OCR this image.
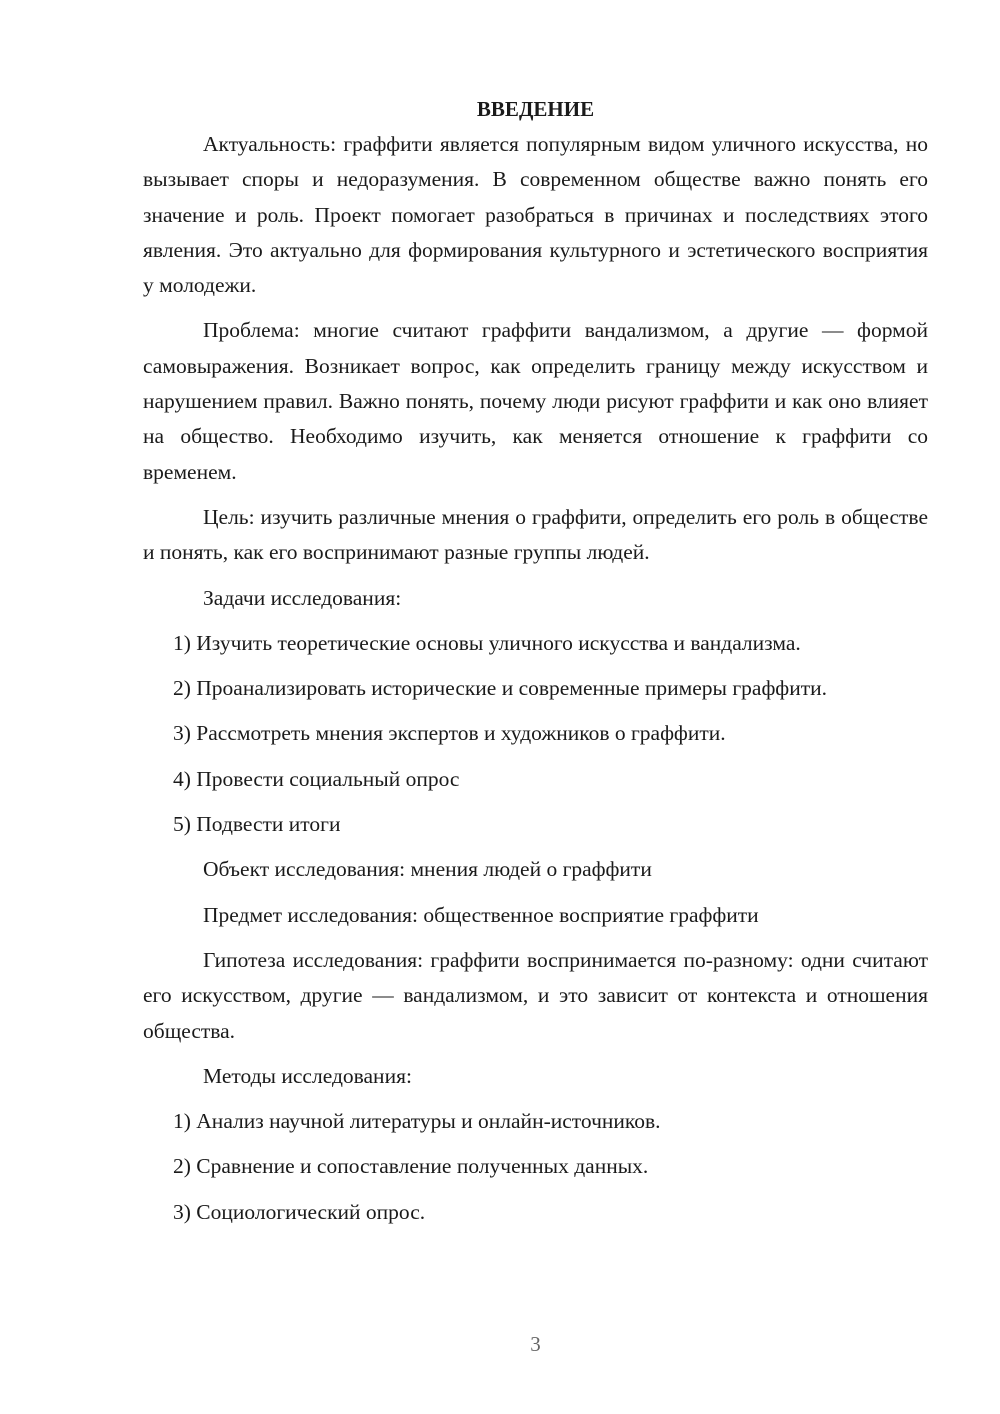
ВВЕДЕНИЕ

Актуальность: граффити является популярным видом уличного искусства, но вызывает споры и недоразумения. В современном обществе важно понять его значение и роль. Проект помогает разобраться в причинах и последствиях этого явления. Это актуально для формирования культурного и эстетического восприятия у молодежи.

Проблема: многие считают граффити вандализмом, а другие — формой самовыражения. Возникает вопрос, как определить границу между искусством и нарушением правил. Важно понять, почему люди рисуют граффити и как оно влияет на общество. Необходимо изучить, как меняется отношение к граффити со временем.

Цель: изучить различные мнения о граффити, определить его роль в обществе и понять, как его воспринимают разные группы людей.

Задачи исследования:

1) Изучить теоретические основы уличного искусства и вандализма.

2) Проанализировать исторические и современные примеры граффити.

3) Рассмотреть мнения экспертов и художников о граффити.

4) Провести социальный опрос

5) Подвести итоги

Объект исследования: мнения людей о граффити

Предмет исследования: общественное восприятие граффити

Гипотеза исследования: граффити воспринимается по-разному: одни считают его искусством, другие — вандализмом, и это зависит от контекста и отношения общества.

Методы исследования:

1) Анализ научной литературы и онлайн-источников.

2) Сравнение и сопоставление полученных данных.

3) Социологический опрос.

3
